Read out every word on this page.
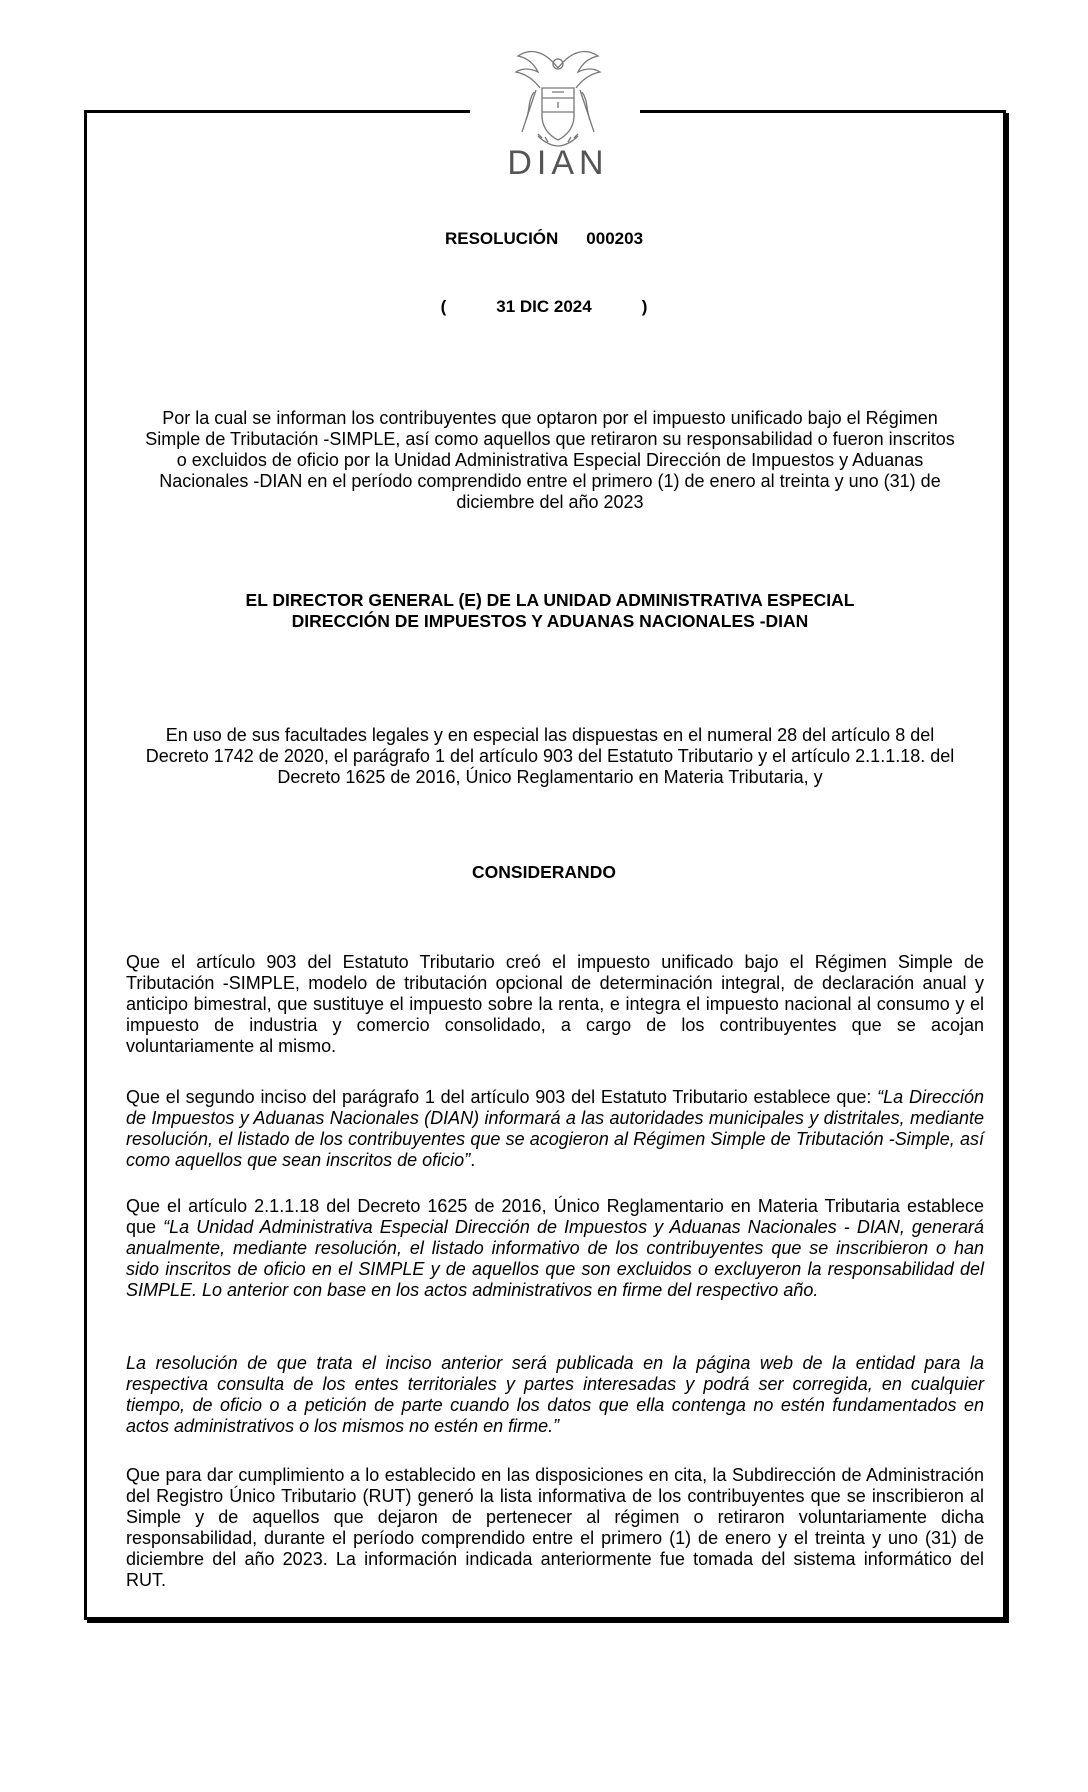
DIAN

RESOLUCIÓN 000203

(	31 DIC 2024	)

Por la cual se informan los contribuyentes que optaron por el impuesto unificado bajo el Régimen Simple de Tributación -SIMPLE, así como aquellos que retiraron su responsabilidad o fueron inscritos o excluidos de oficio por la Unidad Administrativa Especial Dirección de Impuestos y Aduanas Nacionales -DIAN en el período comprendido entre el primero (1) de enero al treinta y uno (31) de diciembre del año 2023

EL DIRECTOR GENERAL (E) DE LA UNIDAD ADMINISTRATIVA ESPECIAL
DIRECCIÓN DE IMPUESTOS Y ADUANAS NACIONALES -DIAN

En uso de sus facultades legales y en especial las dispuestas en el numeral 28 del artículo 8 del Decreto 1742 de 2020, el parágrafo 1 del artículo 903 del Estatuto Tributario y el artículo 2.1.1.18. del Decreto 1625 de 2016, Único Reglamentario en Materia Tributaria, y

CONSIDERANDO

Que el artículo 903 del Estatuto Tributario creó el impuesto unificado bajo el Régimen Simple de Tributación -SIMPLE, modelo de tributación opcional de determinación integral, de declaración anual y anticipo bimestral, que sustituye el impuesto sobre la renta, e integra el impuesto nacional al consumo y el impuesto de industria y comercio consolidado, a cargo de los contribuyentes que se acojan voluntariamente al mismo.

Que el segundo inciso del parágrafo 1 del artículo 903 del Estatuto Tributario establece que: “La Dirección de Impuestos y Aduanas Nacionales (DIAN) informará a las autoridades municipales y distritales, mediante resolución, el listado de los contribuyentes que se acogieron al Régimen Simple de Tributación -Simple, así como aquellos que sean inscritos de oficio”.

Que el artículo 2.1.1.18 del Decreto 1625 de 2016, Único Reglamentario en Materia Tributaria establece que “La Unidad Administrativa Especial Dirección de Impuestos y Aduanas Nacionales - DIAN, generará anualmente, mediante resolución, el listado informativo de los contribuyentes que se inscribieron o han sido inscritos de oficio en el SIMPLE y de aquellos que son excluidos o excluyeron la responsabilidad del SIMPLE. Lo anterior con base en los actos administrativos en firme del respectivo año.

La resolución de que trata el inciso anterior será publicada en la página web de la entidad para la respectiva consulta de los entes territoriales y partes interesadas y podrá ser corregida, en cualquier tiempo, de oficio o a petición de parte cuando los datos que ella contenga no estén fundamentados en actos administrativos o los mismos no estén en firme.”

Que para dar cumplimiento a lo establecido en las disposiciones en cita, la Subdirección de Administración del Registro Único Tributario (RUT) generó la lista informativa de los contribuyentes que se inscribieron al Simple y de aquellos que dejaron de pertenecer al régimen o retiraron voluntariamente dicha responsabilidad, durante el período comprendido entre el primero (1) de enero y el treinta y uno (31) de diciembre del año 2023. La información indicada anteriormente fue tomada del sistema informático del RUT.
